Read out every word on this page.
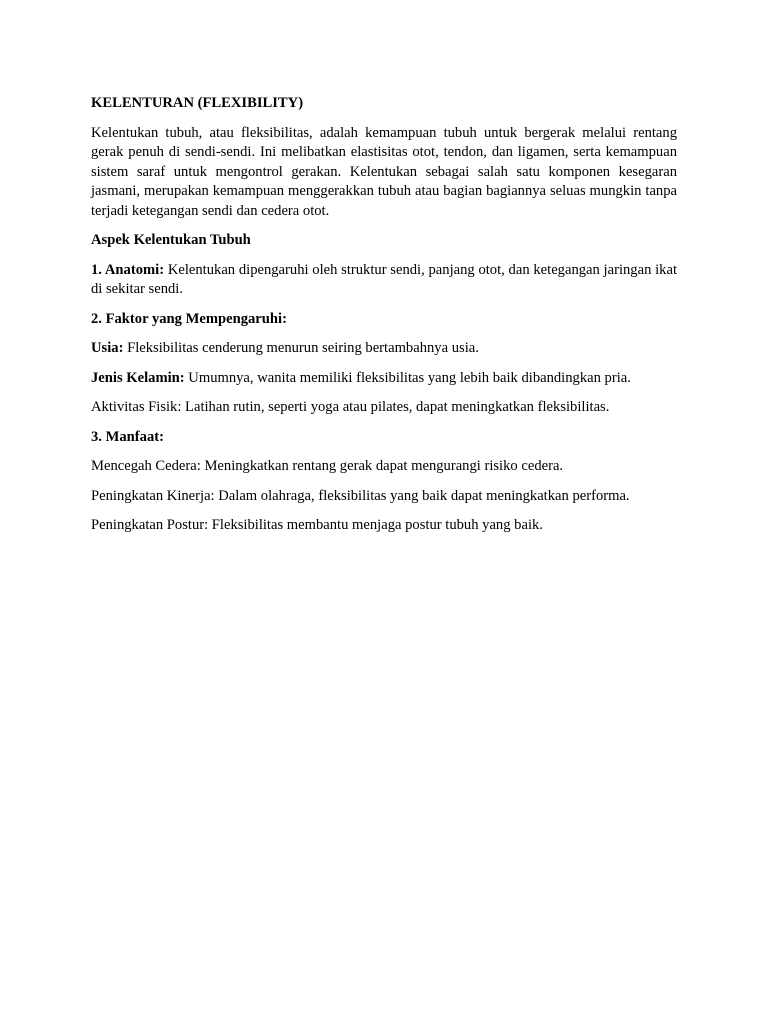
KELENTURAN (FLEXIBILITY)

Kelentukan tubuh, atau fleksibilitas, adalah kemampuan tubuh untuk bergerak melalui rentang gerak penuh di sendi-sendi. Ini melibatkan elastisitas otot, tendon, dan ligamen, serta kemampuan sistem saraf untuk mengontrol gerakan. Kelentukan sebagai salah satu komponen kesegaran jasmani, merupakan kemampuan menggerakkan tubuh atau bagian bagiannya seluas mungkin tanpa terjadi ketegangan sendi dan cedera otot.

Aspek Kelentukan Tubuh

1. Anatomi: Kelentukan dipengaruhi oleh struktur sendi, panjang otot, dan ketegangan jaringan ikat di sekitar sendi.

2. Faktor yang Mempengaruhi:

Usia: Fleksibilitas cenderung menurun seiring bertambahnya usia.

Jenis Kelamin: Umumnya, wanita memiliki fleksibilitas yang lebih baik dibandingkan pria.

Aktivitas Fisik: Latihan rutin, seperti yoga atau pilates, dapat meningkatkan fleksibilitas.

3. Manfaat:

Mencegah Cedera: Meningkatkan rentang gerak dapat mengurangi risiko cedera.

Peningkatan Kinerja: Dalam olahraga, fleksibilitas yang baik dapat meningkatkan performa.

Peningkatan Postur: Fleksibilitas membantu menjaga postur tubuh yang baik.
